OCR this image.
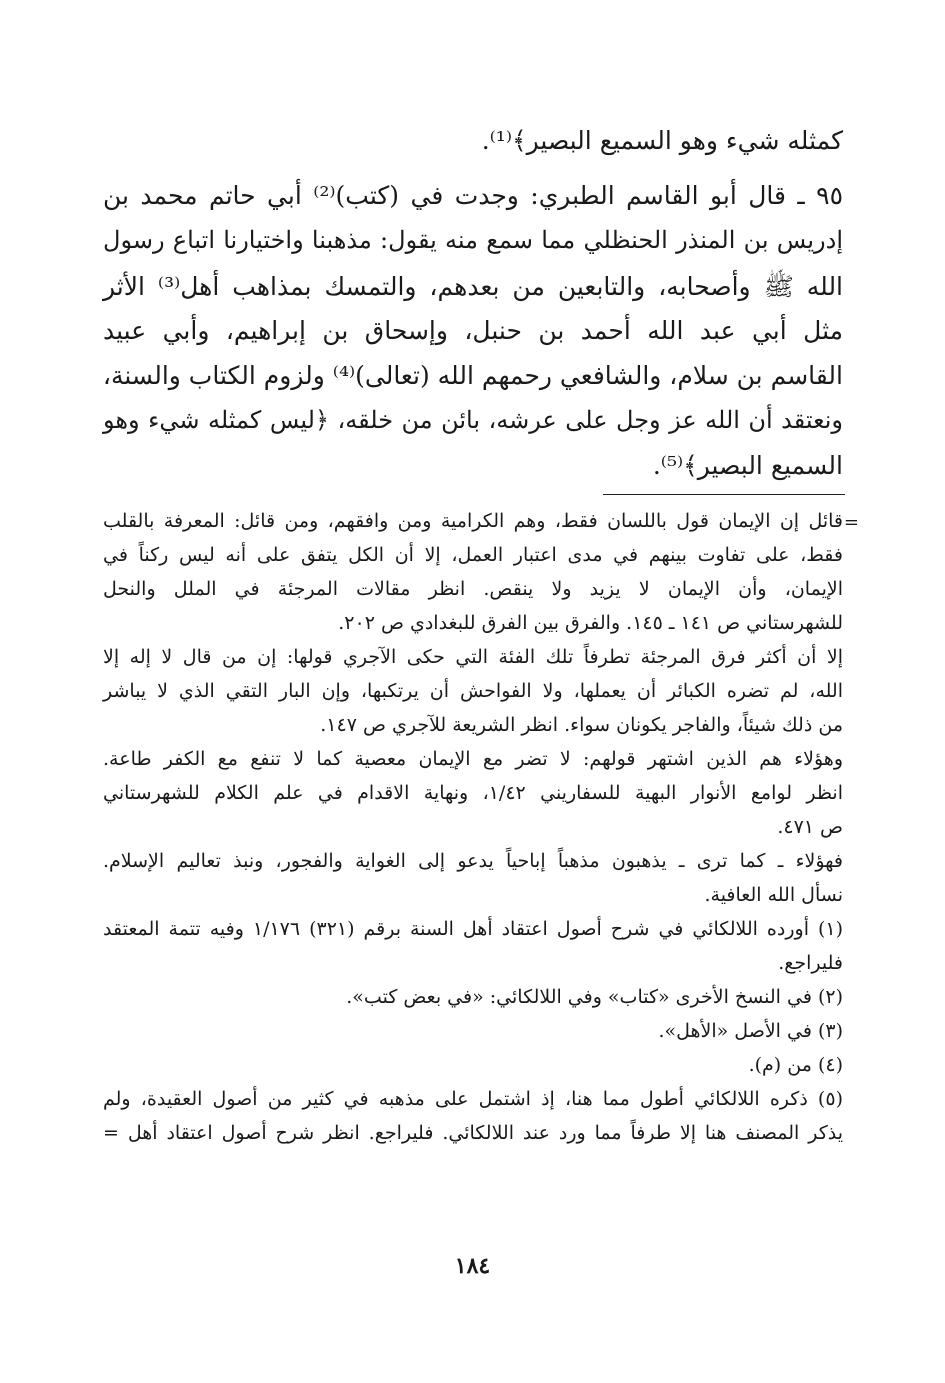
كمثله شيء وهو السميع البصير﴾⁽¹⁾.
٩٥ ـ قال أبو القاسم الطبري: وجدت في (كتب)⁽²⁾ أبي حاتم محمد بن
إدريس بن المنذر الحنظلي مما سمع منه يقول: مذهبنا واختيارنا اتباع رسول
الله ﷺ وأصحابه، والتابعين من بعدهم، والتمسك بمذاهب أهل⁽³⁾ الأثر
مثل أبي عبد الله أحمد بن حنبل، وإسحاق بن إبراهيم، وأبي عبيد
القاسم بن سلام، والشافعي رحمهم الله (تعالى)⁽⁴⁾ ولزوم الكتاب والسنة،
ونعتقد أن الله عز وجل على عرشه، بائن من خلقه، ﴿ليس كمثله شيء وهو
السميع البصير﴾⁽⁵⁾.
=
قائل إن الإيمان قول باللسان فقط، وهم الكرامية ومن وافقهم، ومن قائل: المعرفة بالقلب
فقط، على تفاوت بينهم في مدى اعتبار العمل، إلا أن الكل يتفق على أنه ليس ركناً في
الإيمان، وأن الإيمان لا يزيد ولا ينقص. انظر مقالات المرجئة في الملل والنحل
للشهرستاني ص ١٤١ ـ ١٤٥. والفرق بين الفرق للبغدادي ص ٢٠٢.
إلا أن أكثر فرق المرجئة تطرفاً تلك الفئة التي حكى الآجري قولها: إن من قال لا إله إلا
الله، لم تضره الكبائر أن يعملها، ولا الفواحش أن يرتكبها، وإن البار التقي الذي لا يباشر
من ذلك شيئاً، والفاجر يكونان سواء. انظر الشريعة للآجري ص ١٤٧.
وهؤلاء هم الذين اشتهر قولهم: لا تضر مع الإيمان معصية كما لا تنفع مع الكفر طاعة.
انظر لوامع الأنوار البهية للسفاريني ١/٤٢، ونهاية الاقدام في علم الكلام للشهرستاني
ص ٤٧١.
فهؤلاء ـ كما ترى ـ يذهبون مذهباً إباحياً يدعو إلى الغواية والفجور، ونبذ تعاليم الإسلام.
نسأل الله العافية.
(١) أورده اللالكائي في شرح أصول اعتقاد أهل السنة برقم (٣٢١) ١/١٧٦ وفيه تتمة المعتقد
فليراجع.
(٢) في النسخ الأخرى «كتاب» وفي اللالكائي: «في بعض كتب».
(٣) في الأصل «الأهل».
(٤) من (م).
(٥) ذكره اللالكائي أطول مما هنا، إذ اشتمل على مذهبه في كثير من أصول العقيدة، ولم
يذكر المصنف هنا إلا طرفاً مما ورد عند اللالكائي. فليراجع. انظر شرح أصول اعتقاد أهل =
١٨٤
